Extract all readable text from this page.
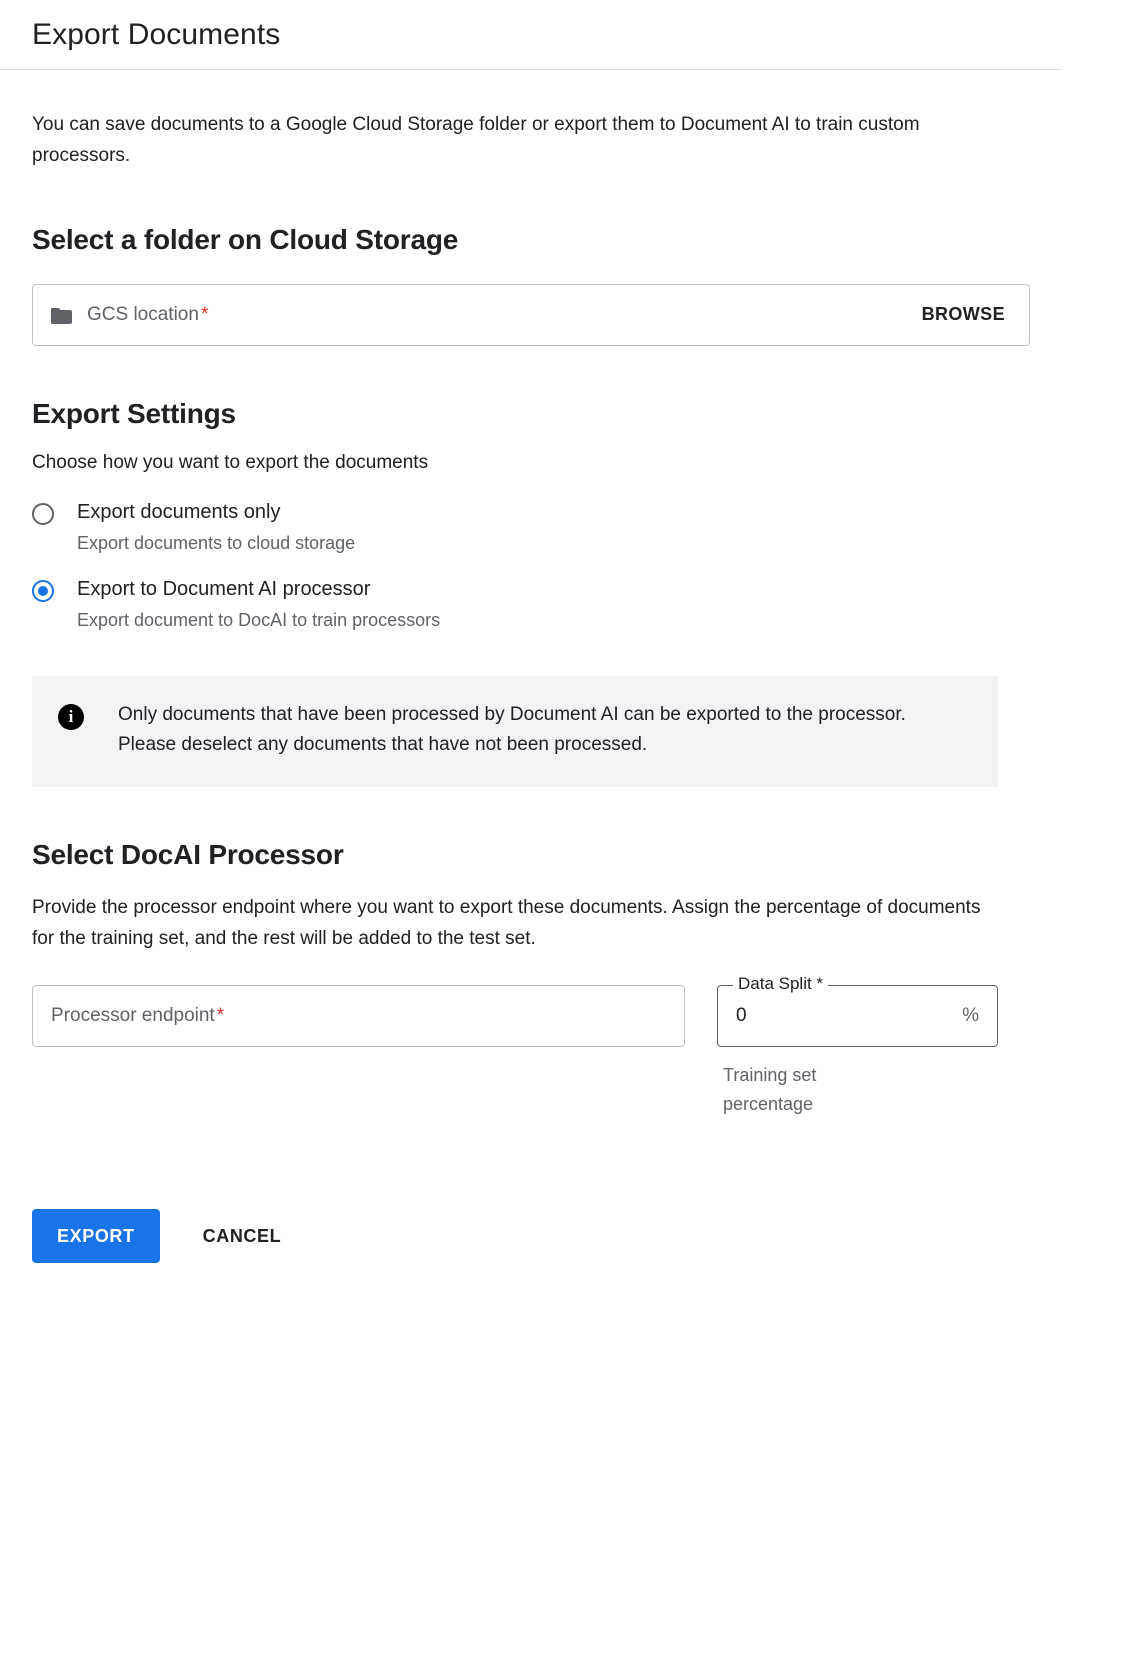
Export Documents
You can save documents to a Google Cloud Storage folder or export them to Document AI to train custom processors.
Select a folder on Cloud Storage
GCS location *	BROWSE
Export Settings
Choose how you want to export the documents
Export documents only
Export documents to cloud storage
Export to Document AI processor
Export document to DocAI to train processors
i	Only documents that have been processed by Document AI can be exported to the processor. Please deselect any documents that have not been processed.
Select DocAI Processor
Provide the processor endpoint where you want to export these documents. Assign the percentage of documents for the training set, and the rest will be added to the test set.
Processor endpoint *
Data Split *
0	%
Training set percentage
EXPORT	CANCEL
